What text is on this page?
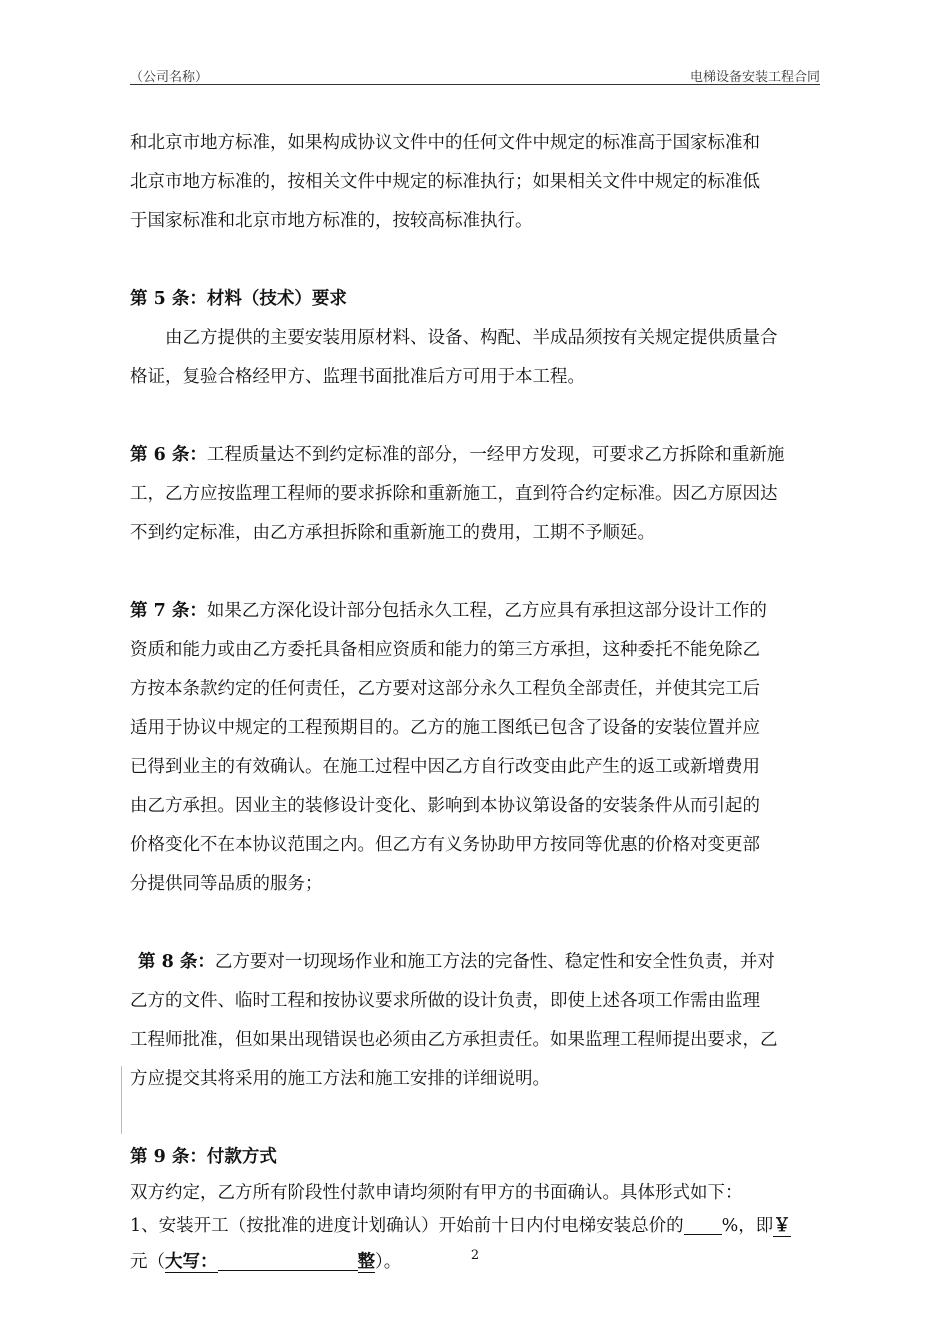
（公司名称）	电梯设备安装工程合同

和北京市地方标准，如果构成协议文件中的任何文件中规定的标准高于国家标准和

北京市地方标准的，按相关文件中规定的标准执行；如果相关文件中规定的标准低

于国家标准和北京市地方标准的，按较高标准执行。

第 5 条：材料（技术）要求

由乙方提供的主要安装用原材料、设备、构配、半成品须按有关规定提供质量合

格证，复验合格经甲方、监理书面批准后方可用于本工程。

第 6 条：工程质量达不到约定标准的部分，一经甲方发现，可要求乙方拆除和重新施

工，乙方应按监理工程师的要求拆除和重新施工，直到符合约定标准。因乙方原因达

不到约定标准，由乙方承担拆除和重新施工的费用，工期不予顺延。

第 7 条：如果乙方深化设计部分包括永久工程，乙方应具有承担这部分设计工作的

资质和能力或由乙方委托具备相应资质和能力的第三方承担，这种委托不能免除乙

方按本条款约定的任何责任，乙方要对这部分永久工程负全部责任，并使其完工后

适用于协议中规定的工程预期目的。乙方的施工图纸已包含了设备的安装位置并应

已得到业主的有效确认。在施工过程中因乙方自行改变由此产生的返工或新增费用

由乙方承担。因业主的装修设计变化、影响到本协议第设备的安装条件从而引起的

价格变化不在本协议范围之内。但乙方有义务协助甲方按同等优惠的价格对变更部

分提供同等品质的服务；

第 8 条：乙方要对一切现场作业和施工方法的完备性、稳定性和安全性负责，并对

乙方的文件、临时工程和按协议要求所做的设计负责，即使上述各项工作需由监理

工程师批准，但如果出现错误也必须由乙方承担责任。如果监理工程师提出要求，乙

方应提交其将采用的施工方法和施工安排的详细说明。

第 9 条：付款方式

双方约定，乙方所有阶段性付款申请均须附有甲方的书面确认。具体形式如下：

1、安装开工（按批准的进度计划确认）开始前十日内付电梯安装总价的 %，即￥

元（大写：	整）。	2
